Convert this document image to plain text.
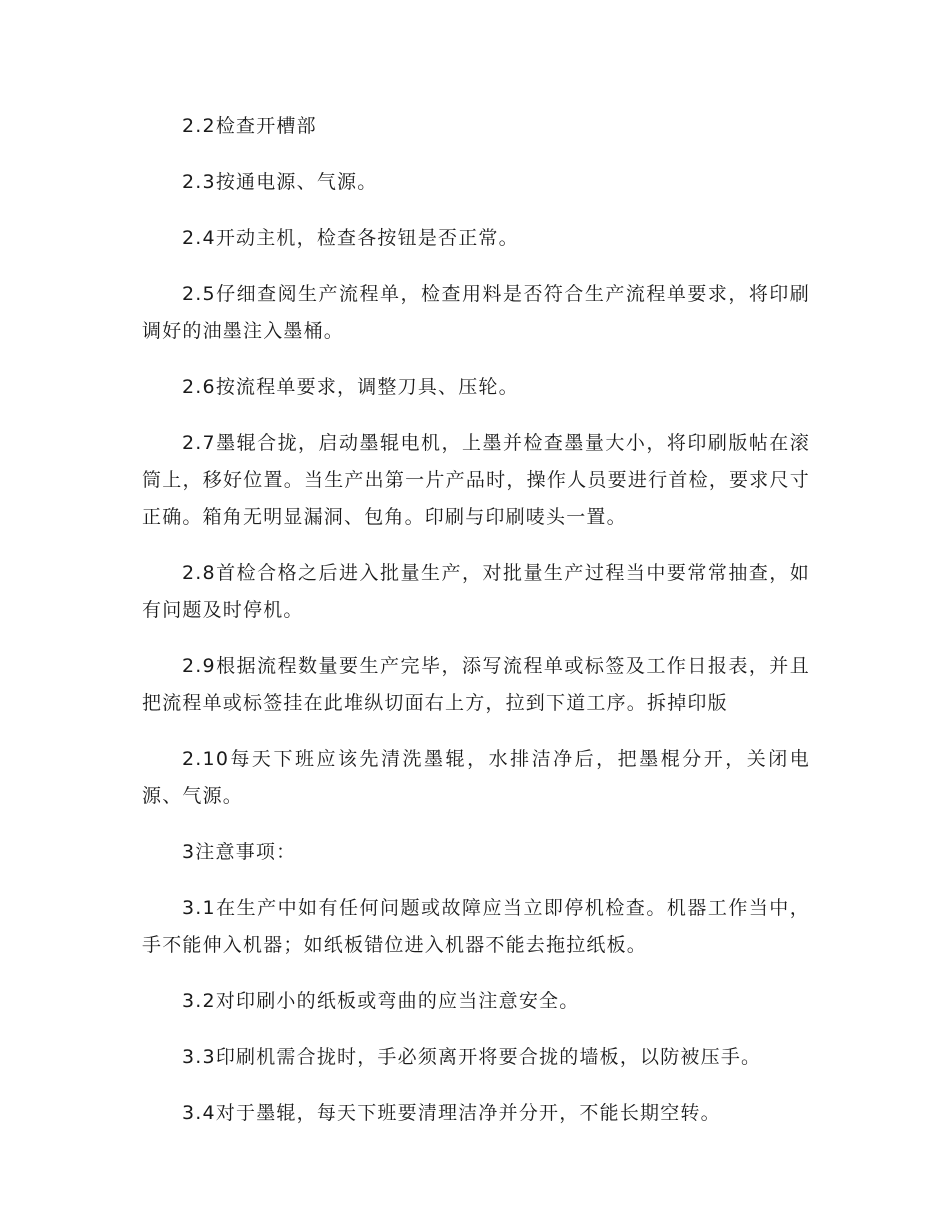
2.2检查开槽部

2.3按通电源、气源。

2.4开动主机，检查各按钮是否正常。

2.5仔细查阅生产流程单，检查用料是否符合生产流程单要求，将印刷调好的油墨注入墨桶。

2.6按流程单要求，调整刀具、压轮。

2.7墨辊合拢，启动墨辊电机，上墨并检查墨量大小，将印刷版帖在滚筒上，移好位置。当生产出第一片产品时，操作人员要进行首检，要求尺寸正确。箱角无明显漏洞、包角。印刷与印刷唛头一置。

2.8首检合格之后进入批量生产，对批量生产过程当中要常常抽查，如有问题及时停机。

2.9根据流程数量要生产完毕，添写流程单或标签及工作日报表，并且把流程单或标签挂在此堆纵切面右上方，拉到下道工序。拆掉印版

2.10每天下班应该先清洗墨辊，水排洁净后，把墨棍分开，关闭电源、气源。

3注意事项：

3.1在生产中如有任何问题或故障应当立即停机检查。机器工作当中，手不能伸入机器；如纸板错位进入机器不能去拖拉纸板。

3.2对印刷小的纸板或弯曲的应当注意安全。

3.3印刷机需合拢时，手必须离开将要合拢的墙板，以防被压手。

3.4对于墨辊，每天下班要清理洁净并分开，不能长期空转。
